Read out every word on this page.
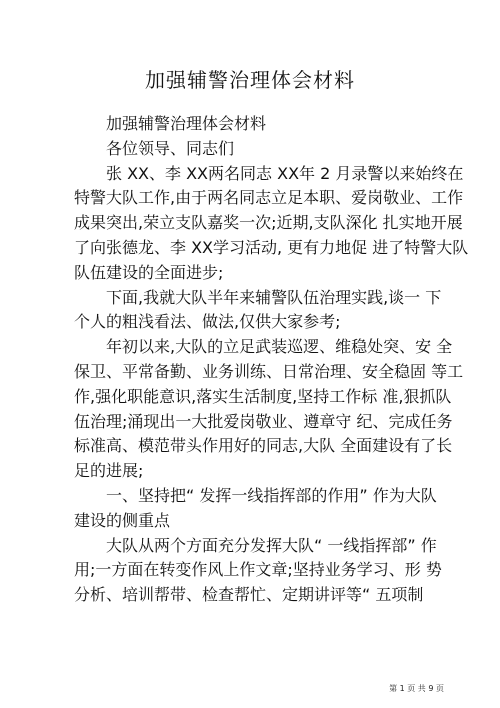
加强辅警治理体会材料
加强辅警治理体会材料
各位领导、同志们
张 XX、李 XX两名同志 XX年 2 月录警以来始终在
特警大队工作,由于两名同志立足本职、爱岗敬业、工作
成果突出,荣立支队嘉奖一次;近期,支队深化 扎实地开展
了向张德龙、李 XX学习活动, 更有力地促 进了特警大队
队伍建设的全面进步;
下面,我就大队半年来辅警队伍治理实践,谈一 下
个人的粗浅看法、做法,仅供大家参考;
年初以来,大队的立足武装巡逻、维稳处突、安 全
保卫、平常备勤、业务训练、日常治理、安全稳固 等工
作,强化职能意识,落实生活制度,坚持工作标 准,狠抓队
伍治理;涌现出一大批爱岗敬业、遵章守 纪、完成任务
标准高、模范带头作用好的同志,大队 全面建设有了长
足的进展;
一、坚持把“ 发挥一线指挥部的作用” 作为大队
建设的侧重点
大队从两个方面充分发挥大队“ 一线指挥部” 作
用;一方面在转变作风上作文章;坚持业务学习、形 势
分析、培训帮带、检查帮忙、定期讲评等“ 五项制
第 1 页 共 9 页
